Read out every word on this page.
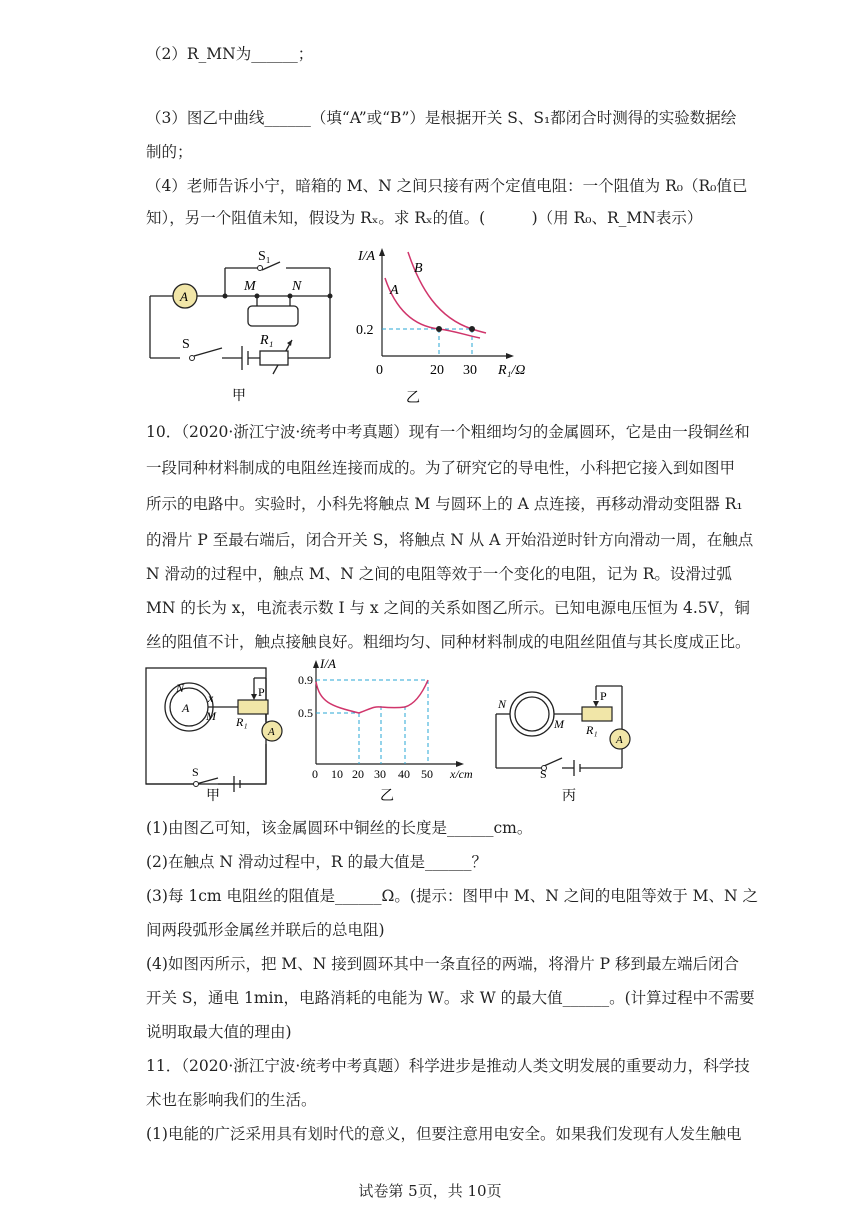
（2）R_MN为______；
（3）图乙中曲线______（填“A”或“B”）是根据开关 S、S₁都闭合时测得的实验数据绘
制的；
（4）老师告诉小宁，暗箱的 M、N 之间只接有两个定值电阻：一个阻值为 R₀（R₀值已
知），另一个阻值未知，假设为 Rₓ。求 Rₓ的值。(　　　)（用 R₀、R_MN表示）
A
S₁
M	N
S	R₁
甲
I/A
B
A
0.2
0	20 30 R₁/Ω
乙
10．（2020·浙江宁波·统考中考真题）现有一个粗细均匀的金属圆环，它是由一段铜丝和
一段同种材料制成的电阻丝连接而成的。为了研究它的导电性，小科把它接入到如图甲
所示的电路中。实验时，小科先将触点 M 与圆环上的 A 点连接，再移动滑动变阻器 R₁
的滑片 P 至最右端后，闭合开关 S，将触点 N 从 A 开始沿逆时针方向滑动一周，在触点
N 滑动的过程中，触点 M、N 之间的电阻等效于一个变化的电阻，记为 R。设滑过弧
MN 的长为 x，电流表示数 I 与 x 之间的关系如图乙所示。已知电源电压恒为 4.5V，铜
丝的阻值不计，触点接触良好。粗细均匀、同种材料制成的电阻丝阻值与其长度成正比。
N
x
A
M
P
R₁
A
S
甲
I/A
0.9
0.5
0 10 20 30 40 50 x/cm
乙
N
M
P
R₁
A
S
丙
(1)由图乙可知，该金属圆环中铜丝的长度是______cm。
(2)在触点 N 滑动过程中，R 的最大值是______？
(3)每 1cm 电阻丝的阻值是______Ω。(提示：图甲中 M、N 之间的电阻等效于 M、N 之
间两段弧形金属丝并联后的总电阻)
(4)如图丙所示，把 M、N 接到圆环其中一条直径的两端，将滑片 P 移到最左端后闭合
开关 S，通电 1min，电路消耗的电能为 W。求 W 的最大值______。(计算过程中不需要
说明取最大值的理由)
11．（2020·浙江宁波·统考中考真题）科学进步是推动人类文明发展的重要动力，科学技
术也在影响我们的生活。
(1)电能的广泛采用具有划时代的意义，但要注意用电安全。如果我们发现有人发生触电
试卷第 5页，共 10页
